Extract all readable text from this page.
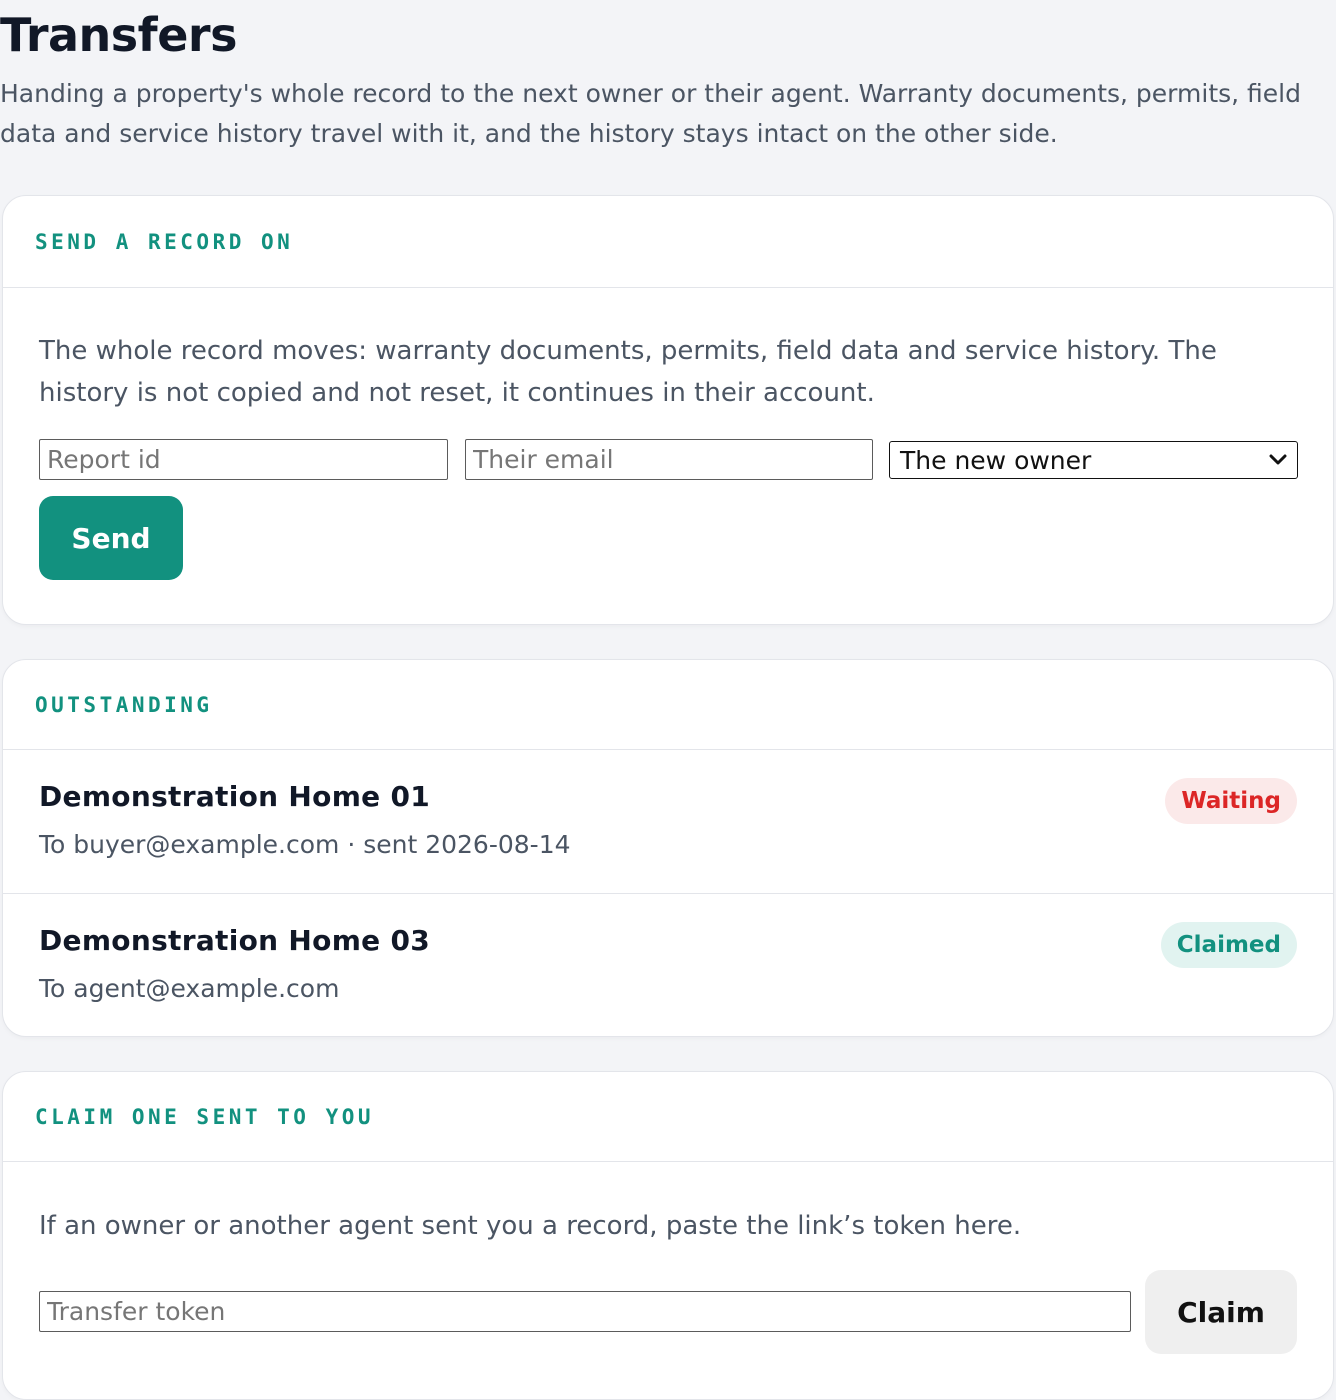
Transfers

Handing a property's whole record to the next owner or their agent. Warranty documents, permits, field data and service history travel with it, and the history stays intact on the other side.

SEND A RECORD ON

The whole record moves: warranty documents, permits, field data and service history. The history is not copied and not reset, it continues in their account.

Report id
Their email
The new owner
Send
OUTSTANDING
Demonstration Home 01
To buyer@example.com · sent 2026-08-14
Waiting
Demonstration Home 03
To agent@example.com
Claimed
CLAIM ONE SENT TO YOU

If an owner or another agent sent you a record, paste the link’s token here.

Transfer token
Claim
